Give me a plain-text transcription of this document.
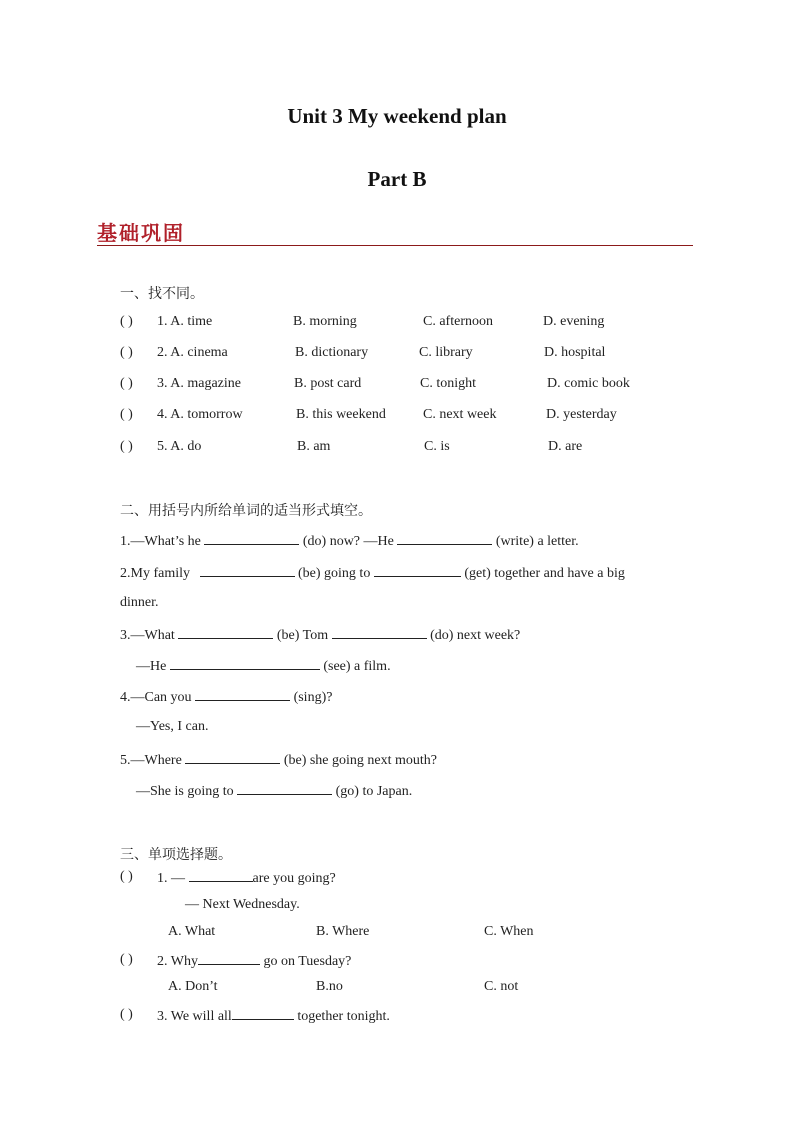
Unit 3 My weekend plan
Part B
基础巩固
一、找不同。
( ) 1. A. time	B. morning	C. afternoon	D. evening
( ) 2. A. cinema	B. dictionary	C. library	D. hospital
( ) 3. A. magazine	B. post card	C. tonight	D. comic book
( ) 4. A. tomorrow	B. this weekend	C. next week	D. yesterday
( ) 5. A. do	B. am	C. is	D. are
二、用括号内所给单词的适当形式填空。
1.—What’s he	(do) now? —He	(write) a letter.
2.My family	(be) going to	(get) together and have a big
dinner.
3.—What	(be) Tom	(do) next week?
—He	(see) a film.
4.—Can you	(sing)?
—Yes, I can.
5.—Where	(be) she going next mouth?
—She is going to	(go) to Japan.
三、单项选择题。
( ) 1. —	are you going?
— Next Wednesday.
A. What	B. Where	C. When
( ) 2. Why	go on Tuesday?
A. Don’t	B.no	C. not
( ) 3. We will all	together tonight.
